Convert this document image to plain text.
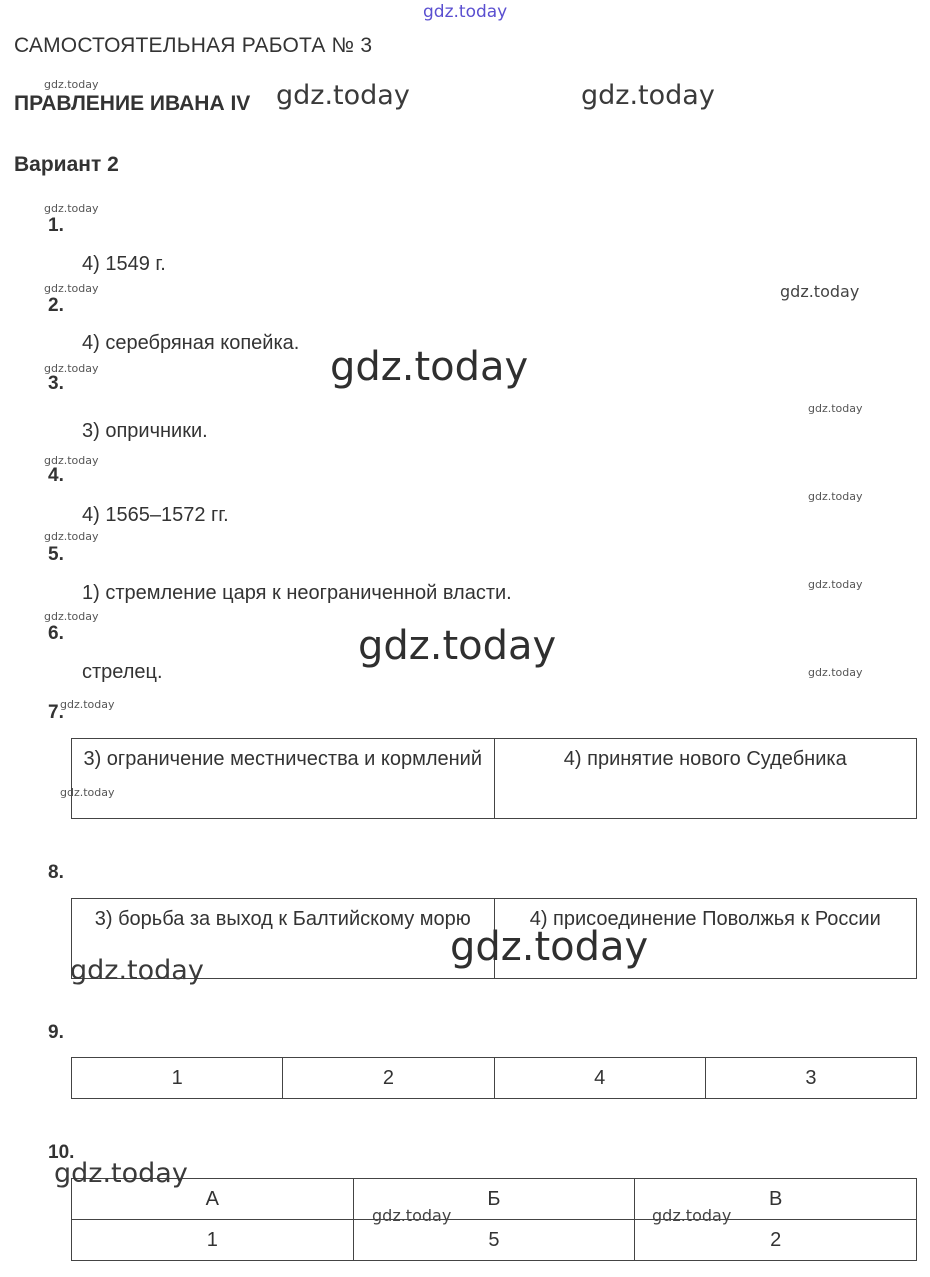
gdz.today
САМОСТОЯТЕЛЬНАЯ РАБОТА № 3
ПРАВЛЕНИЕ ИВАНА IV
Вариант 2
1.
4) 1549 г.
2.
4) серебряная копейка.
3.
3) опричники.
4.
4) 1565–1572 гг.
5.
1) стремление царя к неограниченной власти.
6.
стрелец.
7.
3) ограничение местничества и кормлений	4) принятие нового Судебника
8.
3) борьба за выход к Балтийскому морю	4) присоединение Поволжья к России
9.
1	2	4	3
10.
А	Б	В
1	5	2
gdz.today	gdz.today	gdz.today
gdz.today
gdz.today	gdz.today
gdz.today	gdz.today
gdz.today
gdz.today
gdz.today
gdz.today
gdz.today
gdz.today
gdz.today
gdz.today
gdz.today
gdz.today
gdz.today
gdz.today
gdz.today
gdz.today	gdz.today
